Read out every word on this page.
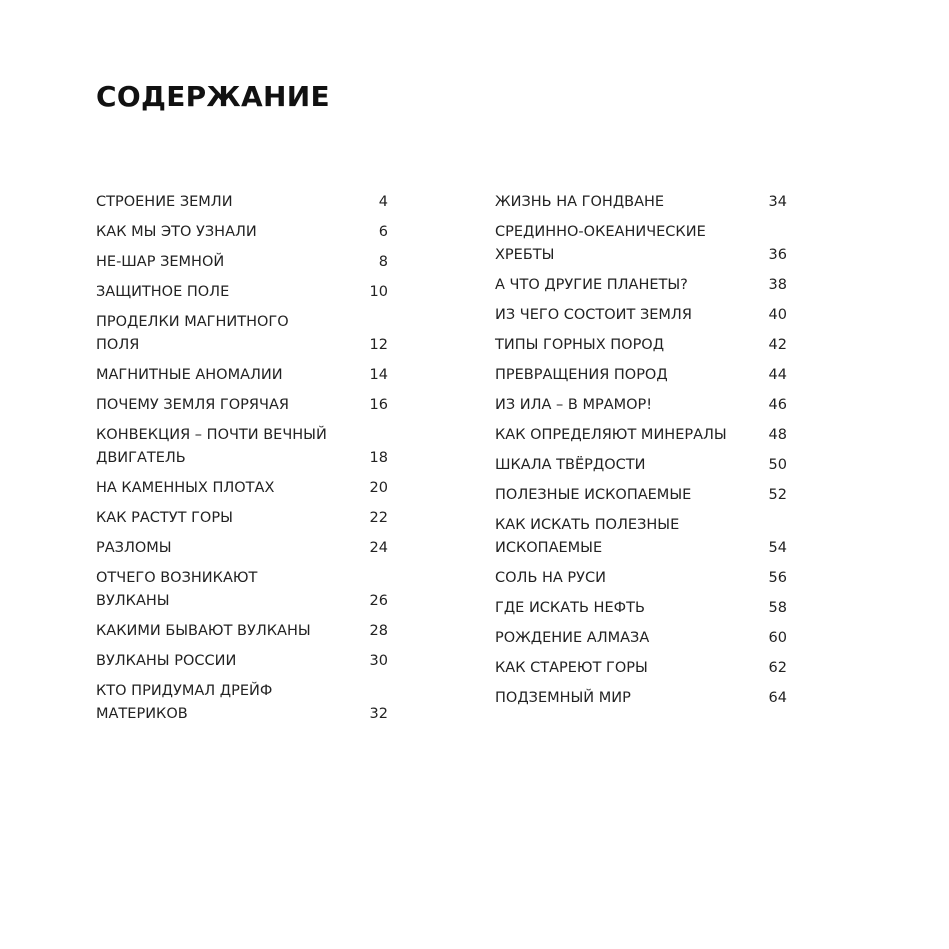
СОДЕРЖАНИЕ
СТРОЕНИЕ ЗЕМЛИ	4
КАК МЫ ЭТО УЗНАЛИ	6
НЕ-ШАР ЗЕМНОЙ	8
ЗАЩИТНОЕ ПОЛЕ	10
ПРОДЕЛКИ МАГНИТНОГО ПОЛЯ	12
МАГНИТНЫЕ АНОМАЛИИ	14
ПОЧЕМУ ЗЕМЛЯ ГОРЯЧАЯ	16
КОНВЕКЦИЯ – ПОЧТИ ВЕЧНЫЙ
ДВИГАТЕЛЬ	18
НА КАМЕННЫХ ПЛОТАХ	20
КАК РАСТУТ ГОРЫ	22
РАЗЛОМЫ	24
ОТЧЕГО ВОЗНИКАЮТ ВУЛКАНЫ	26
КАКИМИ БЫВАЮТ ВУЛКАНЫ	28
ВУЛКАНЫ РОССИИ	30
КТО ПРИДУМАЛ ДРЕЙФ
МАТЕРИКОВ	32
ЖИЗНЬ НА ГОНДВАНЕ	34
СРЕДИННО-ОКЕАНИЧЕСКИЕ
ХРЕБТЫ	36
А ЧТО ДРУГИЕ ПЛАНЕТЫ?	38
ИЗ ЧЕГО СОСТОИТ ЗЕМЛЯ	40
ТИПЫ ГОРНЫХ ПОРОД	42
ПРЕВРАЩЕНИЯ ПОРОД	44
ИЗ ИЛА – В МРАМОР!	46
КАК ОПРЕДЕЛЯЮТ МИНЕРАЛЫ	48
ШКАЛА ТВЁРДОСТИ	50
ПОЛЕЗНЫЕ ИСКОПАЕМЫЕ	52
КАК ИСКАТЬ ПОЛЕЗНЫЕ
ИСКОПАЕМЫЕ	54
СОЛЬ НА РУСИ	56
ГДЕ ИСКАТЬ НЕФТЬ	58
РОЖДЕНИЕ АЛМАЗА	60
КАК СТАРЕЮТ ГОРЫ	62
ПОДЗЕМНЫЙ МИР	64
